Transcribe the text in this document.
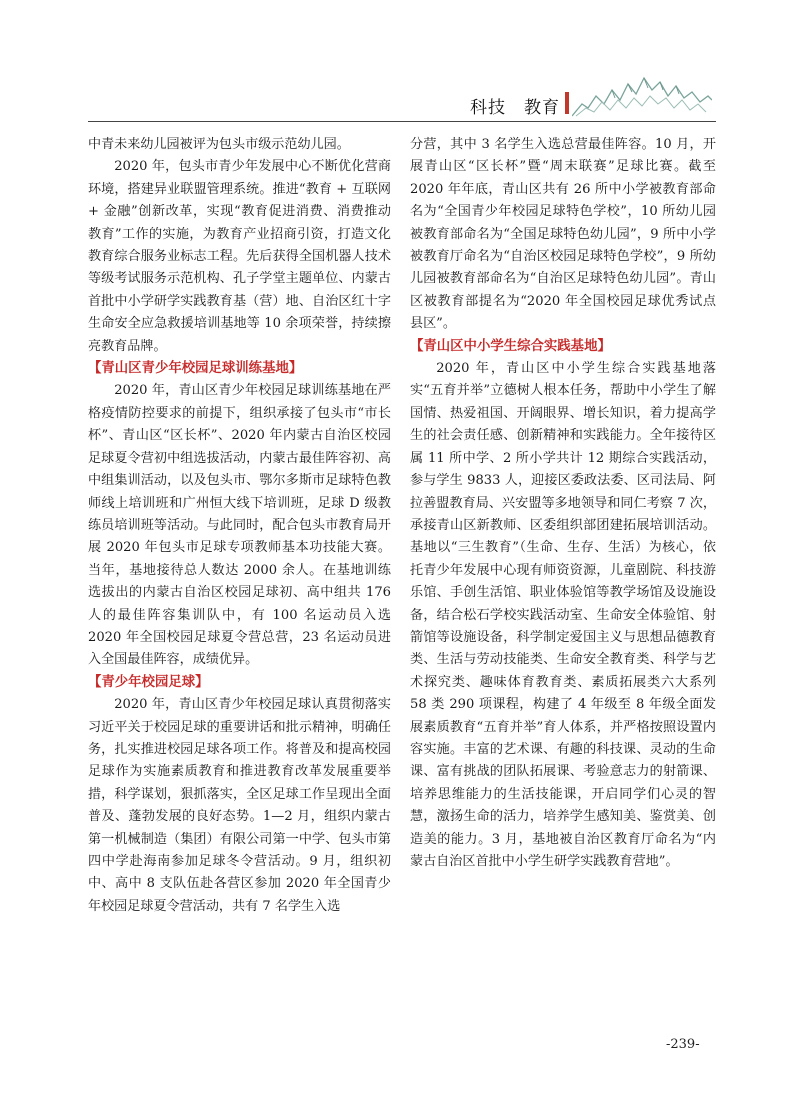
科技　教育

中青未来幼儿园被评为包头市级示范幼儿园。

2020 年，包头市青少年发展中心不断优化营商环境，搭建异业联盟管理系统。推进“教育 + 互联网 + 金融”创新改革，实现“教育促进消费、消费推动教育”工作的实施，为教育产业招商引资，打造文化教育综合服务业标志工程。先后获得全国机器人技术等级考试服务示范机构、孔子学堂主题单位、内蒙古首批中小学研学实践教育基（营）地、自治区红十字生命安全应急救援培训基地等 10 余项荣誉，持续擦亮教育品牌。

【青山区青少年校园足球训练基地】

2020 年，青山区青少年校园足球训练基地在严格疫情防控要求的前提下，组织承接了包头市“市长杯”、青山区“区长杯”、2020 年内蒙古自治区校园足球夏令营初中组选拔活动，内蒙古最佳阵容初、高中组集训活动，以及包头市、鄂尔多斯市足球特色教师线上培训班和广州恒大线下培训班，足球 D 级教练员培训班等活动。与此同时，配合包头市教育局开展 2020 年包头市足球专项教师基本功技能大赛。当年，基地接待总人数达 2000 余人。在基地训练选拔出的内蒙古自治区校园足球初、高中组共 176 人的最佳阵容集训队中，有 100 名运动员入选 2020 年全国校园足球夏令营总营，23 名运动员进入全国最佳阵容，成绩优异。

【青少年校园足球】

2020 年，青山区青少年校园足球认真贯彻落实习近平关于校园足球的重要讲话和批示精神，明确任务，扎实推进校园足球各项工作。将普及和提高校园足球作为实施素质教育和推进教育改革发展重要举措，科学谋划，狠抓落实，全区足球工作呈现出全面普及、蓬勃发展的良好态势。1—2 月，组织内蒙古第一机械制造（集团）有限公司第一中学、包头市第四中学赴海南参加足球冬令营活动。9 月，组织初中、高中 8 支队伍赴各营区参加 2020 年全国青少年校园足球夏令营活动，共有 7 名学生入选

分营，其中 3 名学生入选总营最佳阵容。10 月，开展青山区“区长杯”暨“周末联赛”足球比赛。截至 2020 年年底，青山区共有 26 所中小学被教育部命名为“全国青少年校园足球特色学校”，10 所幼儿园被教育部命名为“全国足球特色幼儿园”，9 所中小学被教育厅命名为“自治区校园足球特色学校”，9 所幼儿园被教育部命名为“自治区足球特色幼儿园”。青山区被教育部提名为“2020 年全国校园足球优秀试点县区”。

【青山区中小学生综合实践基地】

2020 年，青山区中小学生综合实践基地落实“五育并举”立德树人根本任务，帮助中小学生了解国情、热爱祖国、开阔眼界、增长知识，着力提高学生的社会责任感、创新精神和实践能力。全年接待区属 11 所中学、2 所小学共计 12 期综合实践活动，参与学生 9833 人，迎接区委政法委、区司法局、阿拉善盟教育局、兴安盟等多地领导和同仁考察 7 次，承接青山区新教师、区委组织部团建拓展培训活动。基地以“三生教育”（生命、生存、生活）为核心，依托青少年发展中心现有师资资源，儿童剧院、科技游乐馆、手创生活馆、职业体验馆等教学场馆及设施设备，结合松石学校实践活动室、生命安全体验馆、射箭馆等设施设备，科学制定爱国主义与思想品德教育类、生活与劳动技能类、生命安全教育类、科学与艺术探究类、趣味体育教育类、素质拓展类六大系列 58 类 290 项课程，构建了 4 年级至 8 年级全面发展素质教育“五育并举”育人体系，并严格按照设置内容实施。丰富的艺术课、有趣的科技课、灵动的生命课、富有挑战的团队拓展课、考验意志力的射箭课、培养思维能力的生活技能课，开启同学们心灵的智慧，激扬生命的活力，培养学生感知美、鉴赏美、创造美的能力。3 月，基地被自治区教育厅命名为“内蒙古自治区首批中小学生研学实践教育营地”。

-239-
